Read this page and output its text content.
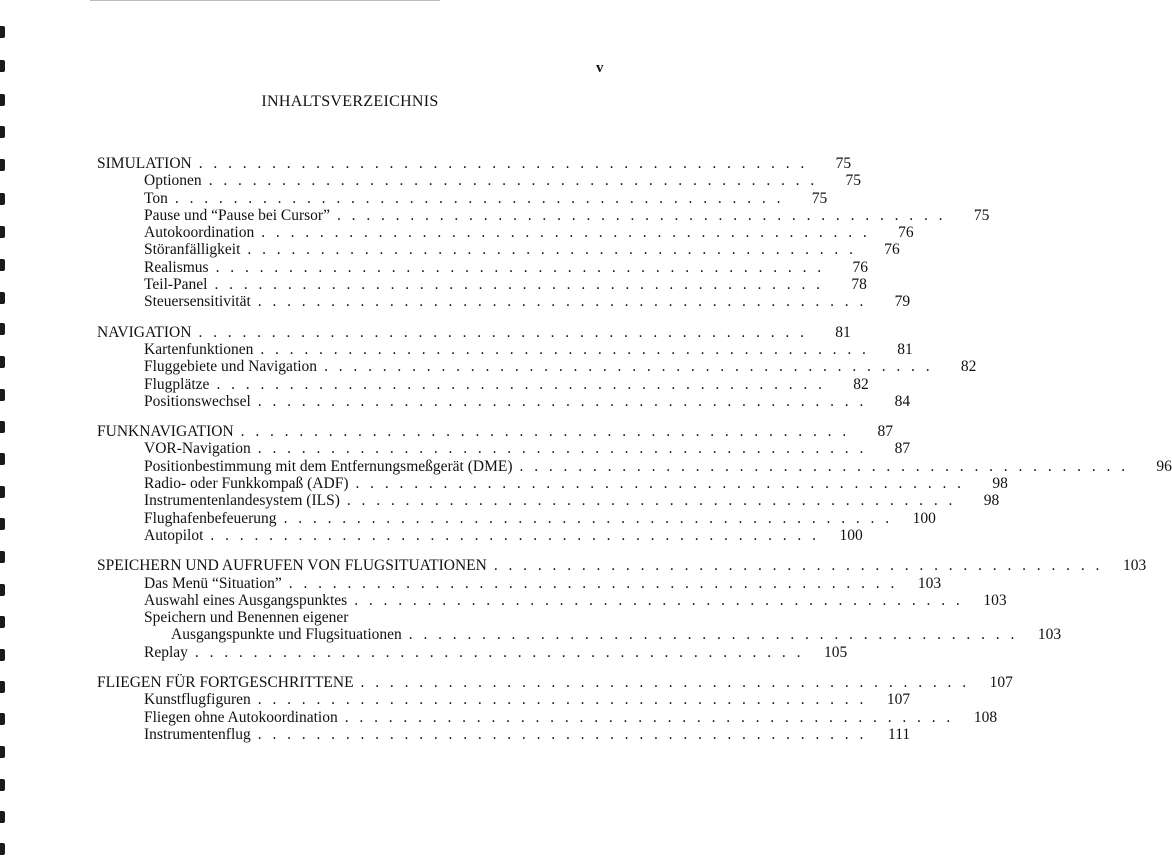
v
INHALTSVERZEICHNIS
SIMULATION ..........................................	75
Optionen ..........................................	75
Ton ..........................................	75
Pause und “Pause bei Cursor” ..........................................	75
Autokoordination ..........................................	76
Störanfälligkeit ..........................................	76
Realismus ..........................................	76
Teil-Panel ..........................................	78
Steuersensitivität ..........................................	79
NAVIGATION ..........................................	81
Kartenfunktionen ..........................................	81
Fluggebiete und Navigation ..........................................	82
Flugplätze ..........................................	82
Positionswechsel ..........................................	84
FUNKNAVIGATION ..........................................	87
VOR-Navigation ..........................................	87
Positionbestimmung mit dem Entfernungsmeßgerät (DME) ..........................................	96
Radio- oder Funkkompaß (ADF) ..........................................	98
Instrumentenlandesystem (ILS) ..........................................	98
Flughafenbefeuerung .......................................... 100
Autopilot .......................................... 100
SPEICHERN UND AUFRUFEN VON FLUGSITUATIONEN .......................................... 103
Das Menü “Situation” .......................................... 103
Auswahl eines Ausgangspunktes .......................................... 103
Speichern und Benennen eigener
Ausgangspunkte und Flugsituationen .......................................... 103
Replay .......................................... 105
FLIEGEN FÜR FORTGESCHRITTENE .......................................... 107
Kunstflugfiguren .......................................... 107
Fliegen ohne Autokoordination .......................................... 108
Instrumentenflug .......................................... 111
